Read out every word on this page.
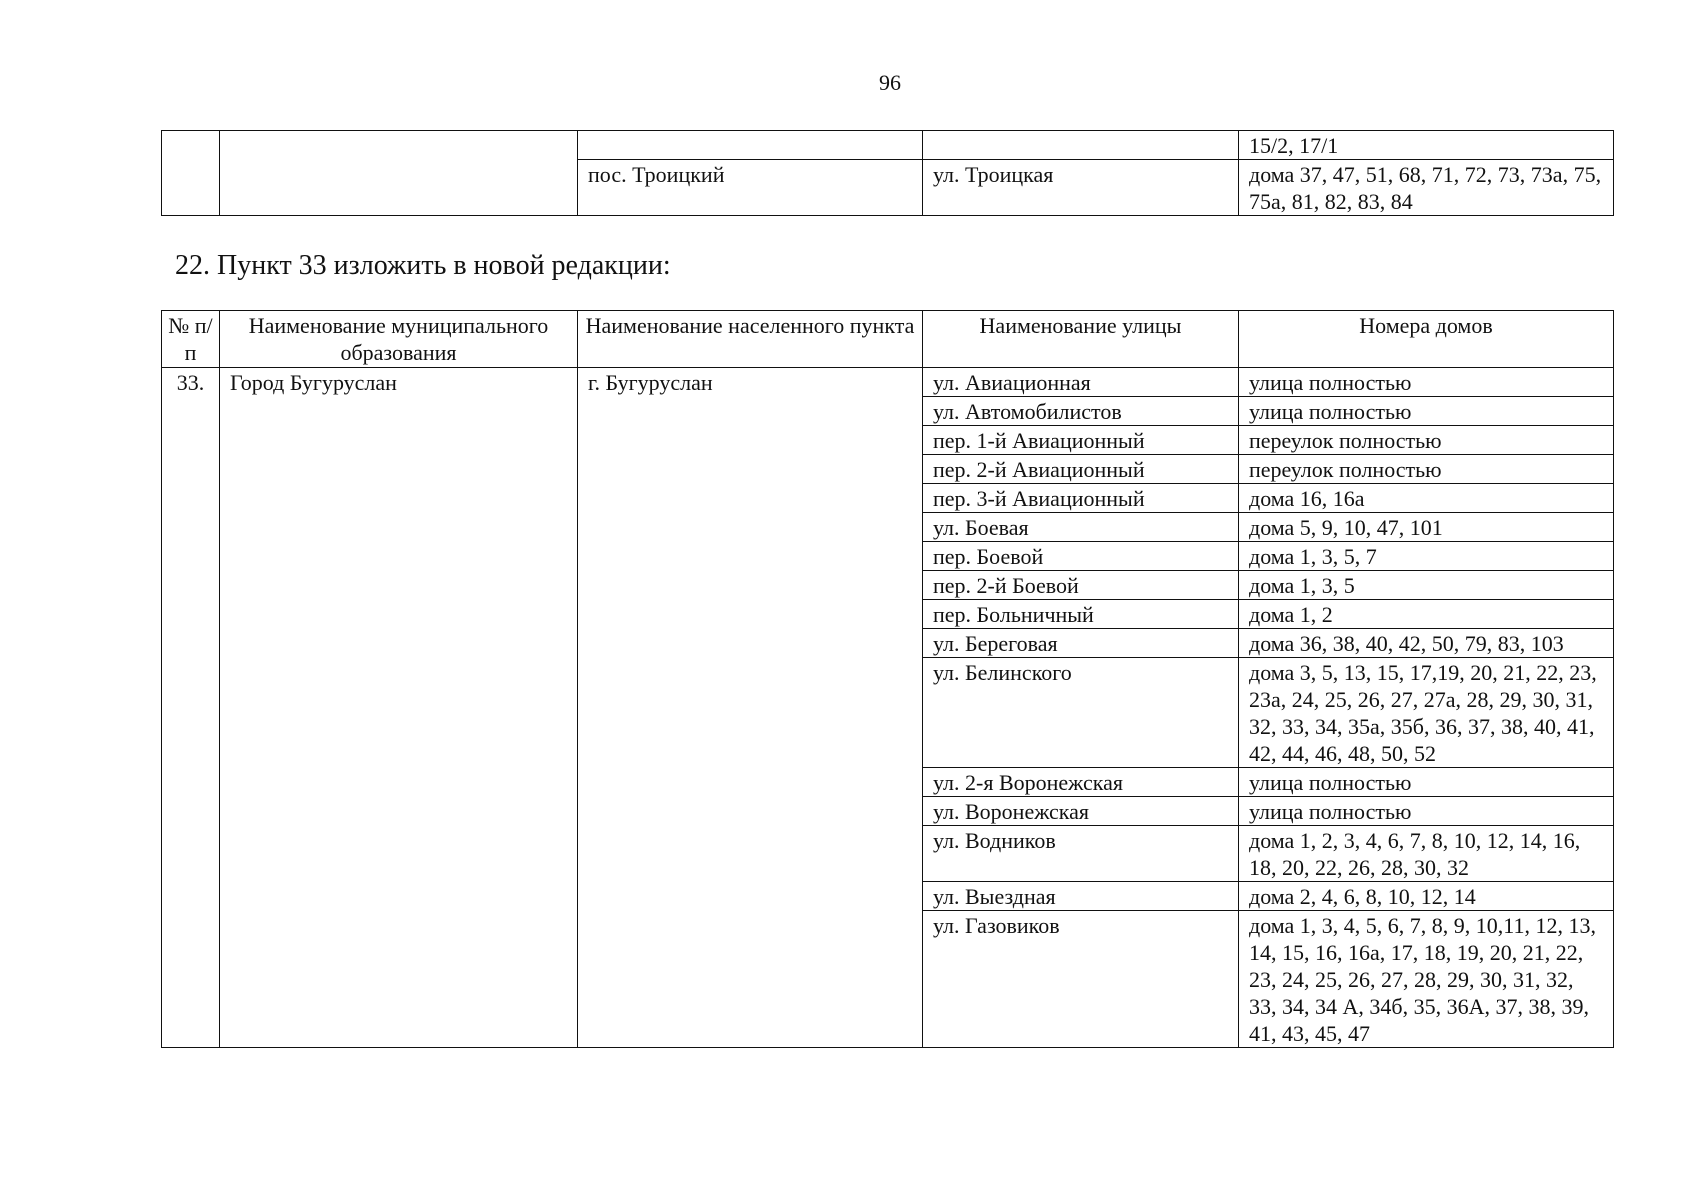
96
				15/2, 17/1
		пос. Троицкий	ул. Троицкая	дома 37, 47, 51, 68, 71, 72, 73, 73а, 75, 75а, 81, 82, 83, 84
22. Пункт 33 изложить в новой редакции:
№ п/п	Наименование муниципального образования	Наименование населенного пункта	Наименование улицы	Номера домов
33.	Город Бугуруслан	г. Бугуруслан	ул. Авиационная	улица полностью
			ул. Автомобилистов	улица полностью
			пер. 1-й Авиационный	переулок полностью
			пер. 2-й Авиационный	переулок полностью
			пер. 3-й Авиационный	дома 16, 16а
			ул. Боевая	дома 5, 9, 10, 47, 101
			пер. Боевой	дома 1, 3, 5, 7
			пер. 2-й Боевой	дома 1, 3, 5
			пер. Больничный	дома 1, 2
			ул. Береговая	дома 36, 38, 40, 42, 50, 79, 83, 103
			ул. Белинского	дома 3, 5, 13, 15, 17,19, 20, 21, 22, 23, 23а, 24, 25, 26, 27, 27а, 28, 29, 30, 31, 32, 33, 34, 35а, 35б, 36, 37, 38, 40, 41, 42, 44, 46, 48, 50, 52
			ул. 2-я Воронежская	улица полностью
			ул. Воронежская	улица полностью
			ул. Водников	дома 1, 2, 3, 4, 6, 7, 8, 10, 12, 14, 16, 18, 20, 22, 26, 28, 30, 32
			ул. Выездная	дома 2, 4, 6, 8, 10, 12, 14
			ул. Газовиков	дома 1, 3, 4, 5, 6, 7, 8, 9, 10,11, 12, 13, 14, 15, 16, 16а, 17, 18, 19, 20, 21, 22, 23, 24, 25, 26, 27, 28, 29, 30, 31, 32, 33, 34, 34 А, 34б, 35, 36А, 37, 38, 39, 41, 43, 45, 47
